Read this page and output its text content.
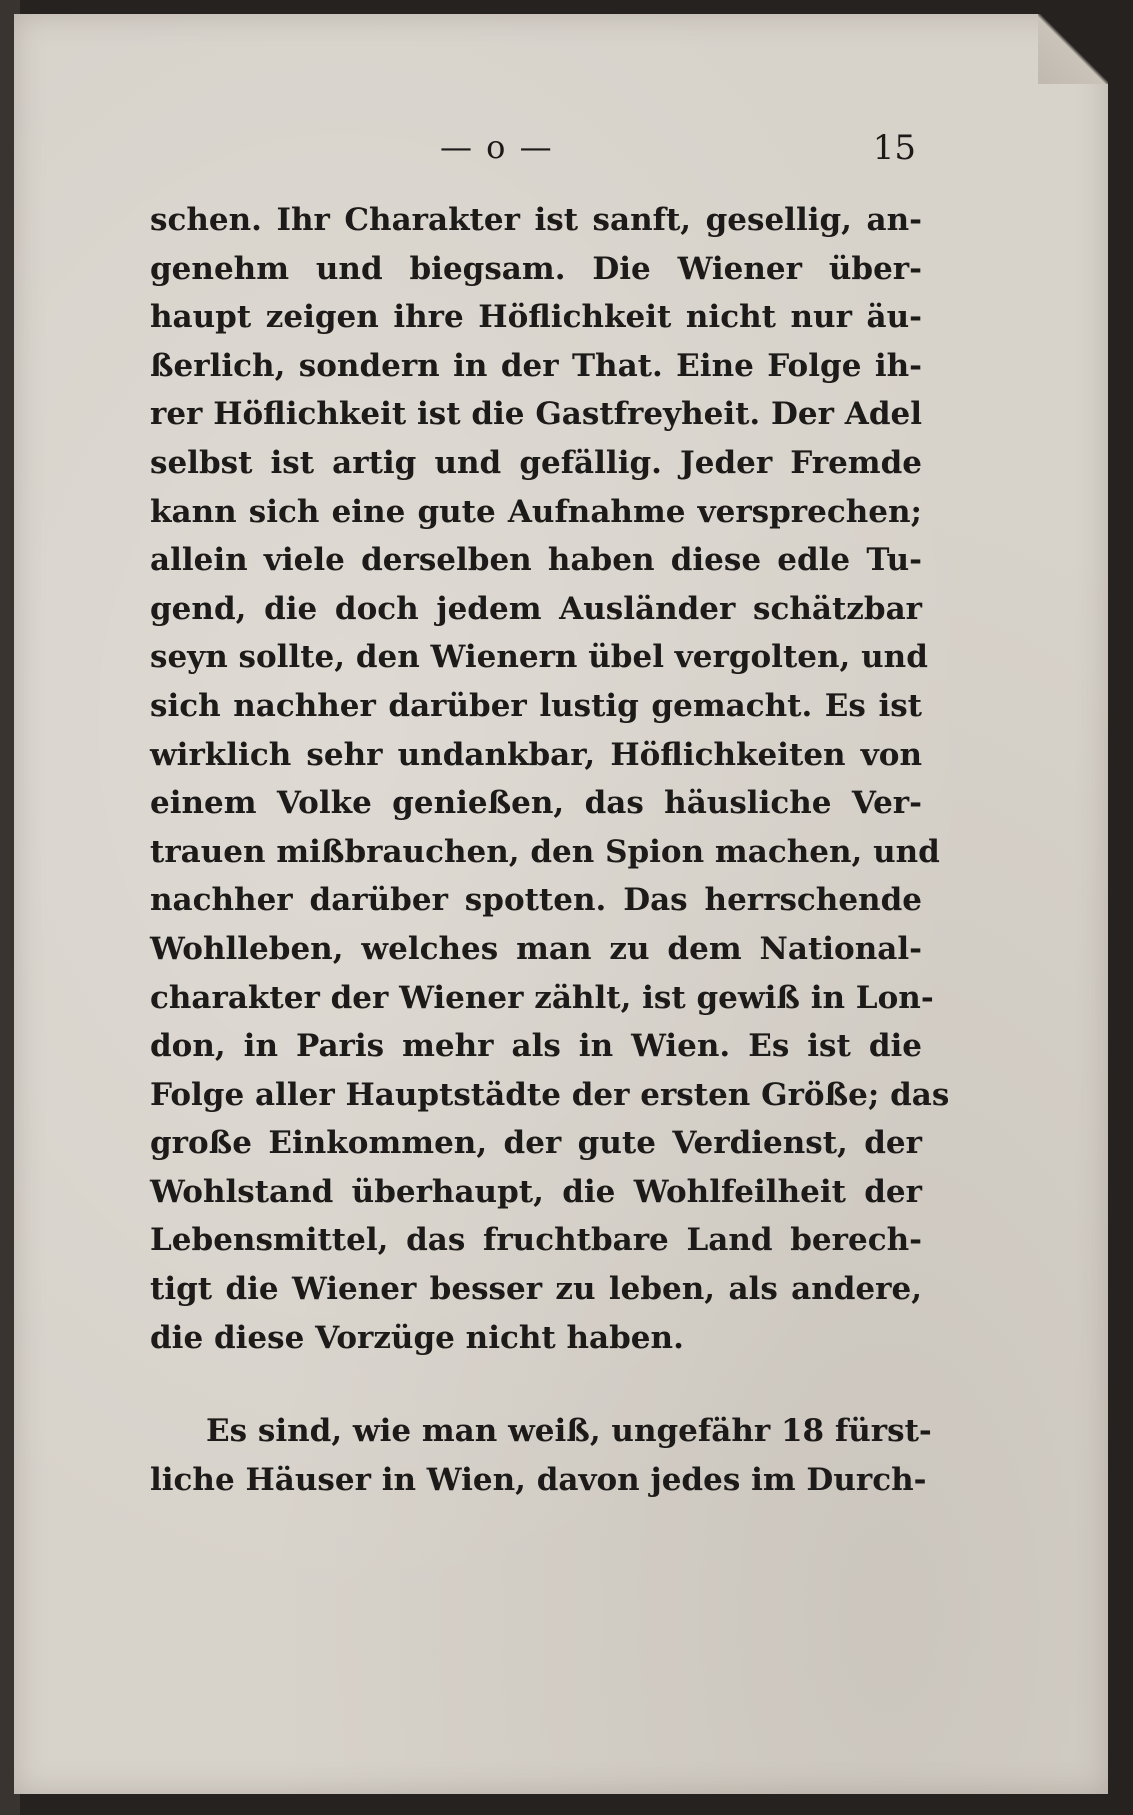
— o —	15
schen. Ihr Charakter ist sanft, gesellig, an-
genehm und biegsam. Die Wiener über-
haupt zeigen ihre Höflichkeit nicht nur äu-
ßerlich, sondern in der That. Eine Folge ih-
rer Höflichkeit ist die Gastfreyheit. Der Adel
selbst ist artig und gefällig. Jeder Fremde
kann sich eine gute Aufnahme versprechen;
allein viele derselben haben diese edle Tu-
gend, die doch jedem Ausländer schätzbar
seyn sollte, den Wienern übel vergolten, und
sich nachher darüber lustig gemacht. Es ist
wirklich sehr undankbar, Höflichkeiten von
einem Volke genießen, das häusliche Ver-
trauen mißbrauchen, den Spion machen, und
nachher darüber spotten. Das herrschende
Wohlleben, welches man zu dem National-
charakter der Wiener zählt, ist gewiß in Lon-
don, in Paris mehr als in Wien. Es ist die
Folge aller Hauptstädte der ersten Größe; das
große Einkommen, der gute Verdienst, der
Wohlstand überhaupt, die Wohlfeilheit der
Lebensmittel, das fruchtbare Land berech-
tigt die Wiener besser zu leben, als andere,
die diese Vorzüge nicht haben.
Es sind, wie man weiß, ungefähr 18 fürst-
liche Häuser in Wien, davon jedes im Durch-
